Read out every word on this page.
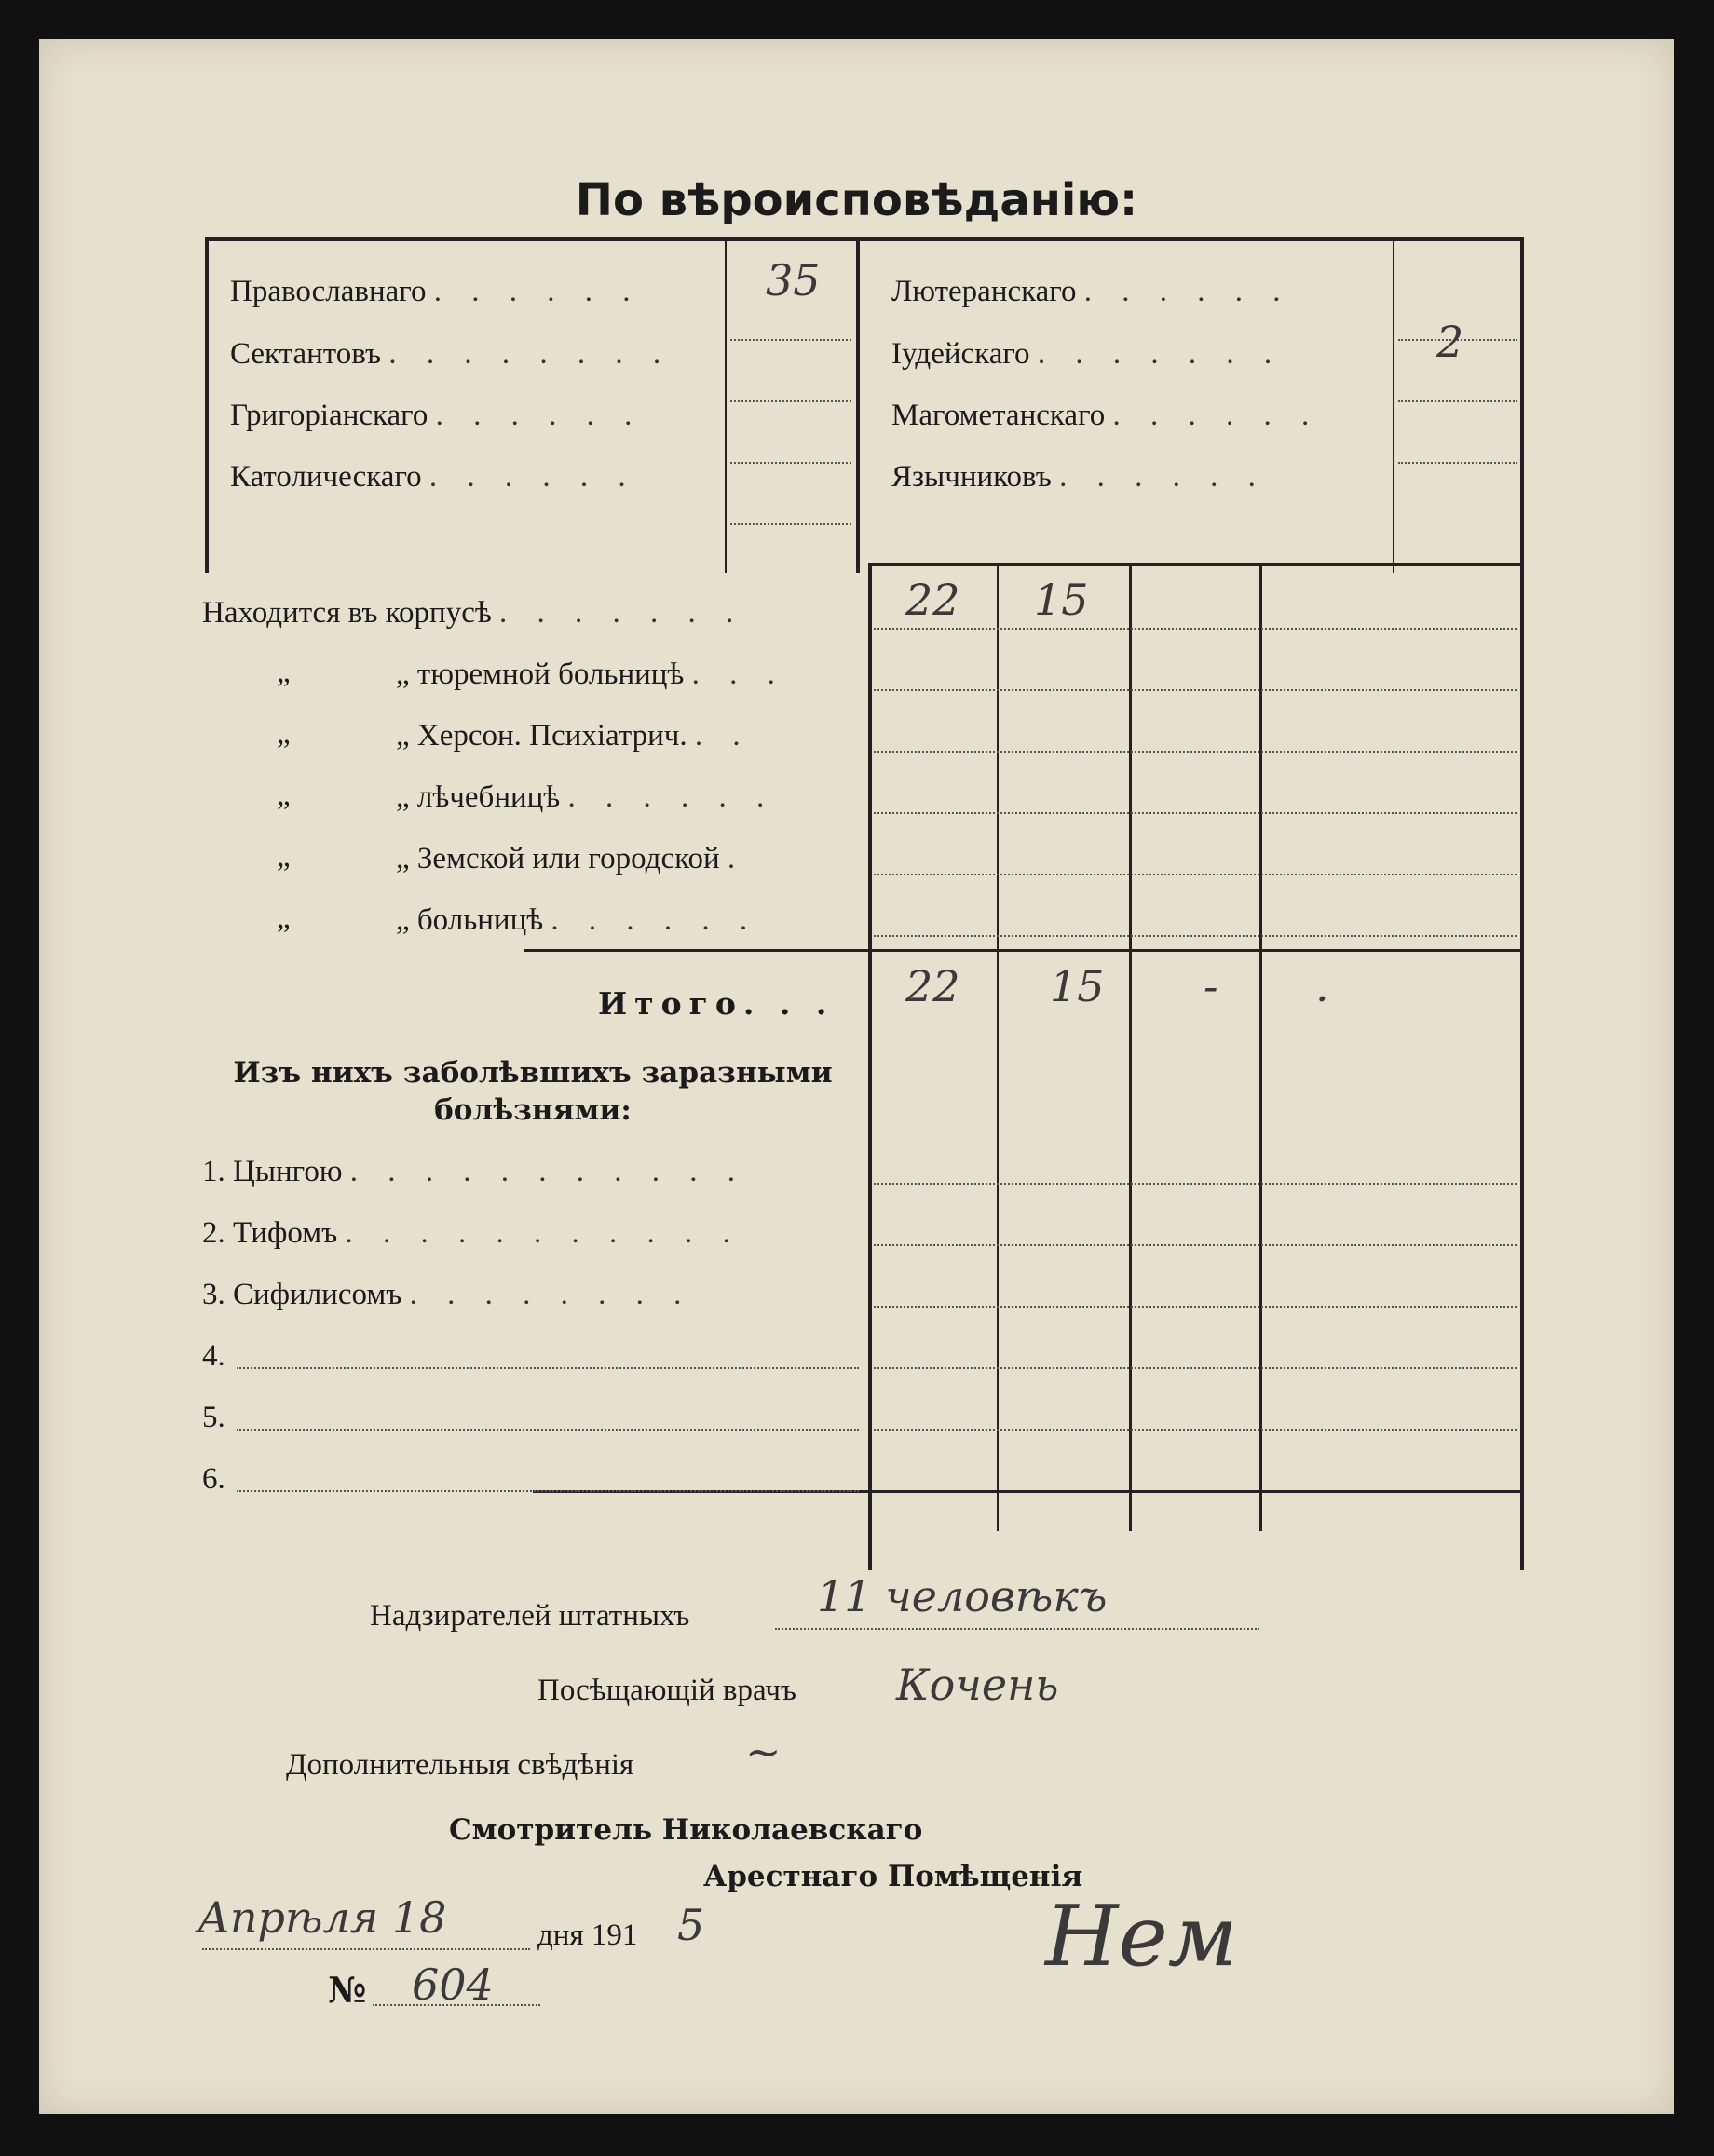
По вѣроисповѣданію:
Православнаго . . . . . .	35
Сектантовъ . . . . . . . .
Григоріанскаго . . . . . .
Католическаго . . . . . .
Лютеранскаго . . . . . .
Іудейскаго . . . . . . .	2
Магометанскаго . . . . . .
Язычниковъ . . . . . .
Находится въ корпусѣ . . . . . . .	22 15
„	„ тюремной больницѣ . . .
„	„ Херсон. Психіатрич. . .
„	„ лѣчебницѣ . . . . . .
„	„ Земской или городской .
„	„ больницѣ . . . . . .
Итого. . . 22 15 - .
Изъ нихъ заболѣвшихъ заразными
болѣзнями:
1. Цынгою . . . . . . . . . . .
2. Тифомъ . . . . . . . . . . .
3. Сифилисомъ . . . . . . . .
4.
5.
6.
Надзирателей штатныхъ	11 человѣкъ
Посѣщающій врачъ Кочень
Дополнительныя свѣдѣнія	~
Смотритель Николаевскаго
Арестнаго Помѣщенія
Апрѣля 18	дня 191 5
№ 604	Нем
